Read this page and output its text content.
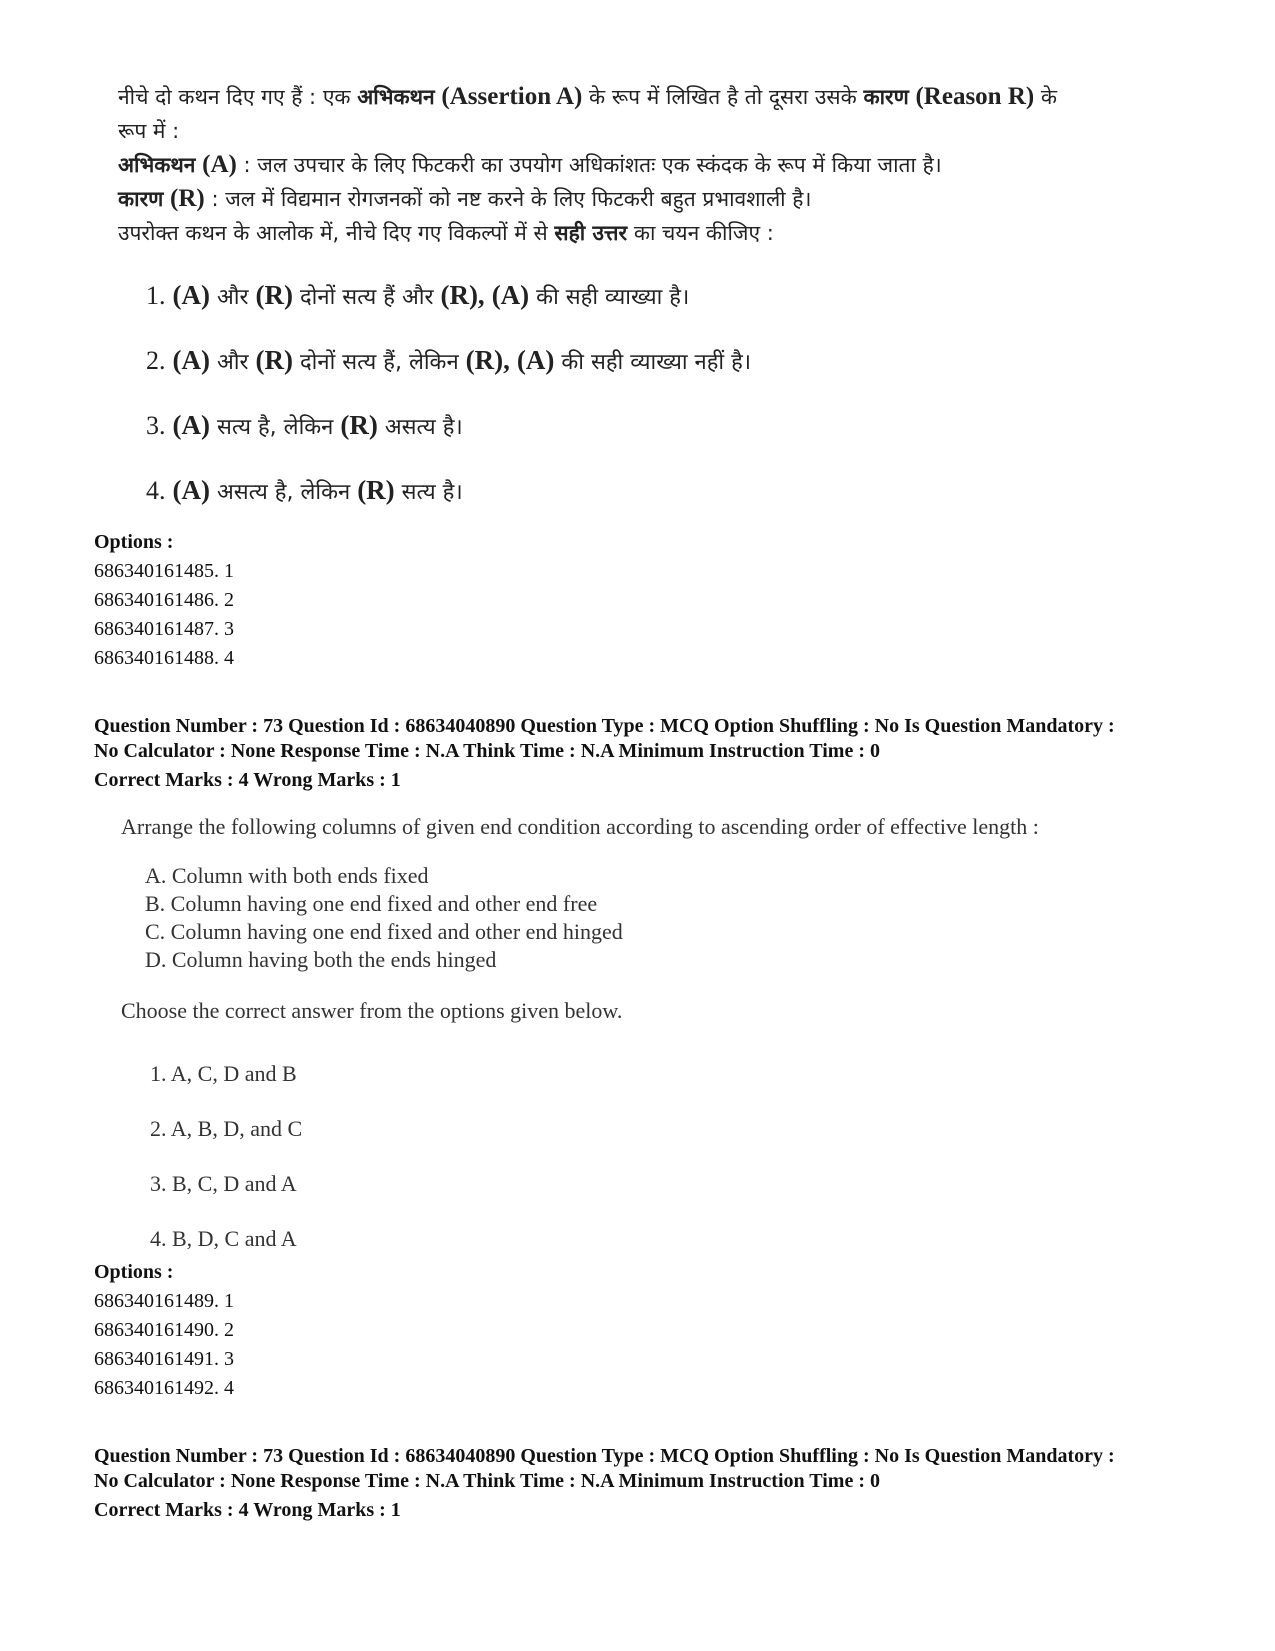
नीचे दो कथन दिए गए हैं : एक अभिकथन (Assertion A) के रूप में लिखित है तो दूसरा उसके कारण (Reason R) के
रूप में :
अभिकथन (A) : जल उपचार के लिए फिटकरी का उपयोग अधिकांशतः एक स्कंदक के रूप में किया जाता है।
कारण (R) : जल में विद्यमान रोगजनकों को नष्ट करने के लिए फिटकरी बहुत प्रभावशाली है।
उपरोक्त कथन के आलोक में, नीचे दिए गए विकल्पों में से सही उत्तर का चयन कीजिए :
1. (A) और (R) दोनों सत्य हैं और (R), (A) की सही व्याख्या है।
2. (A) और (R) दोनों सत्य हैं, लेकिन (R), (A) की सही व्याख्या नहीं है।
3. (A) सत्य है, लेकिन (R) असत्य है।
4. (A) असत्य है, लेकिन (R) सत्य है।
Options :
686340161485. 1
686340161486. 2
686340161487. 3
686340161488. 4
Question Number : 73 Question Id : 68634040890 Question Type : MCQ Option Shuffling : No Is Question Mandatory :
No Calculator : None Response Time : N.A Think Time : N.A Minimum Instruction Time : 0
Correct Marks : 4 Wrong Marks : 1
Arrange the following columns of given end condition according to ascending order of effective length :
A. Column with both ends fixed
B. Column having one end fixed and other end free
C. Column having one end fixed and other end hinged
D. Column having both the ends hinged
Choose the correct answer from the options given below.
1. A, C, D and B
2. A, B, D, and C
3. B, C, D and A
4. B, D, C and A
Options :
686340161489. 1
686340161490. 2
686340161491. 3
686340161492. 4
Question Number : 73 Question Id : 68634040890 Question Type : MCQ Option Shuffling : No Is Question Mandatory :
No Calculator : None Response Time : N.A Think Time : N.A Minimum Instruction Time : 0
Correct Marks : 4 Wrong Marks : 1
